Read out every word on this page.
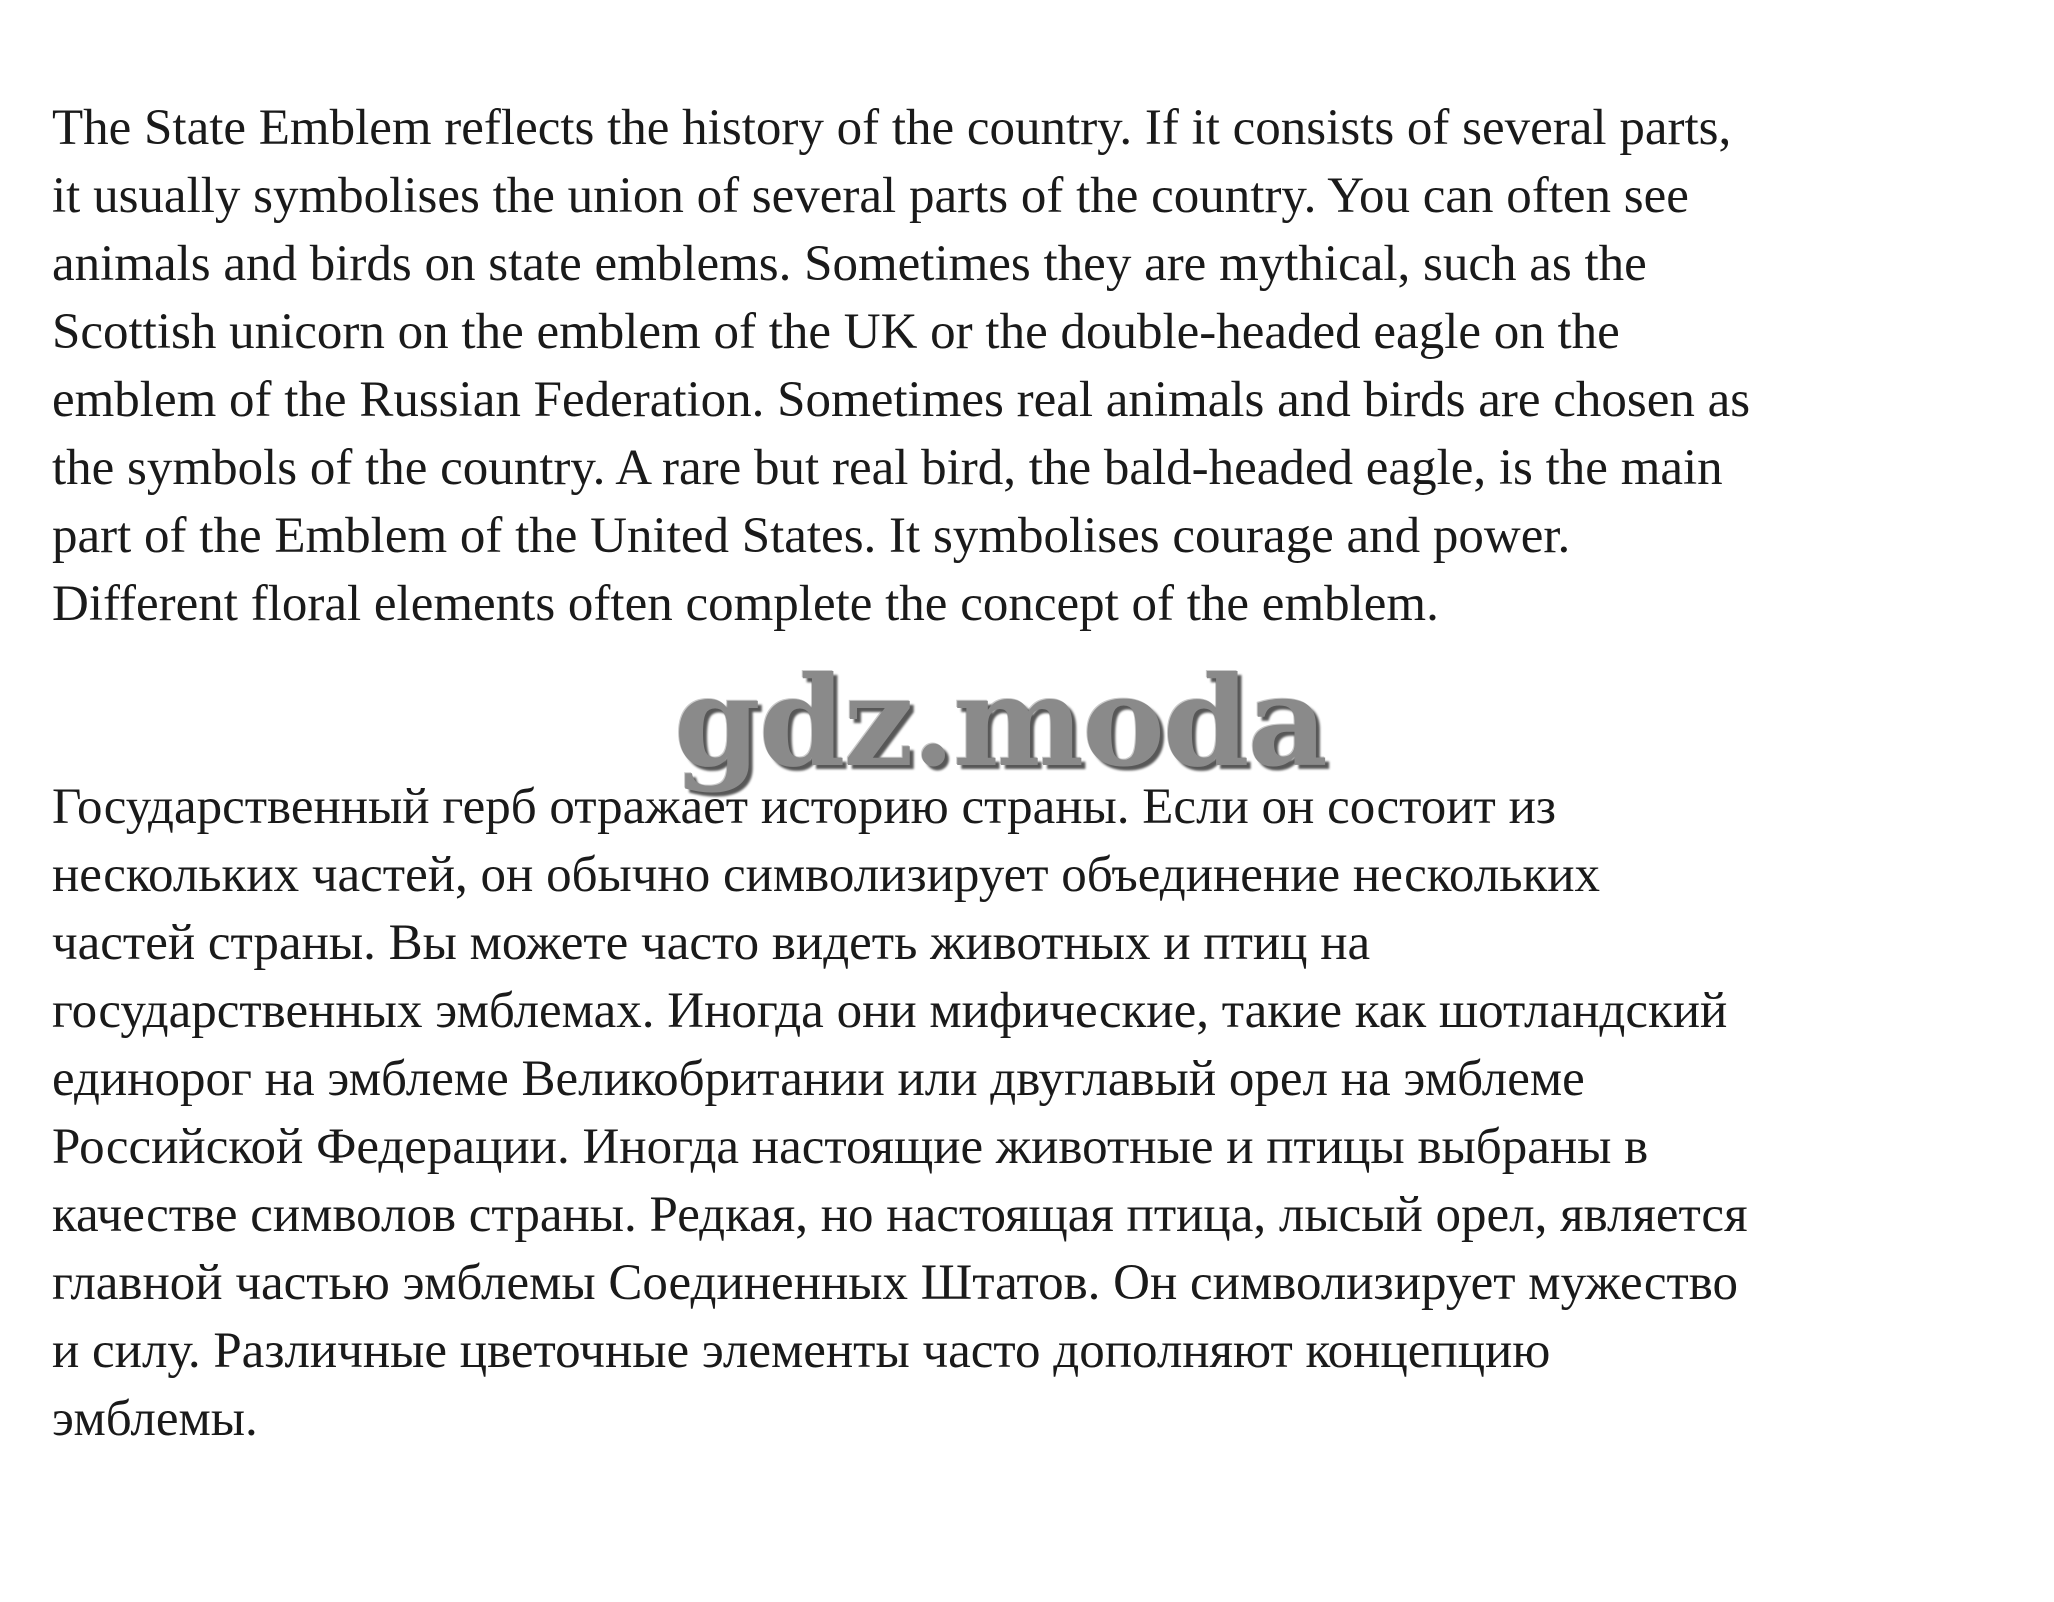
The State Emblem reflects the history of the country. If it consists of several parts,
it usually symbolises the union of several parts of the country. You can often see
animals and birds on state emblems. Sometimes they are mythical, such as the
Scottish unicorn on the emblem of the UK or the double-headed eagle on the
emblem of the Russian Federation. Sometimes real animals and birds are chosen as
the symbols of the country. A rare but real bird, the bald-headed eagle, is the main
part of the Emblem of the United States. It symbolises courage and power.
Different floral elements often complete the concept of the emblem.

Государственный герб отражает историю страны. Если он состоит из
нескольких частей, он обычно символизирует объединение нескольких
частей страны. Вы можете часто видеть животных и птиц на
государственных эмблемах. Иногда они мифические, такие как шотландский
единорог на эмблеме Великобритании или двуглавый орел на эмблеме
Российской Федерации. Иногда настоящие животные и птицы выбраны в
качестве символов страны. Редкая, но настоящая птица, лысый орел, является
главной частью эмблемы Соединенных Штатов. Он символизирует мужество
и силу. Различные цветочные элементы часто дополняют концепцию
эмблемы.

gdz.moda
